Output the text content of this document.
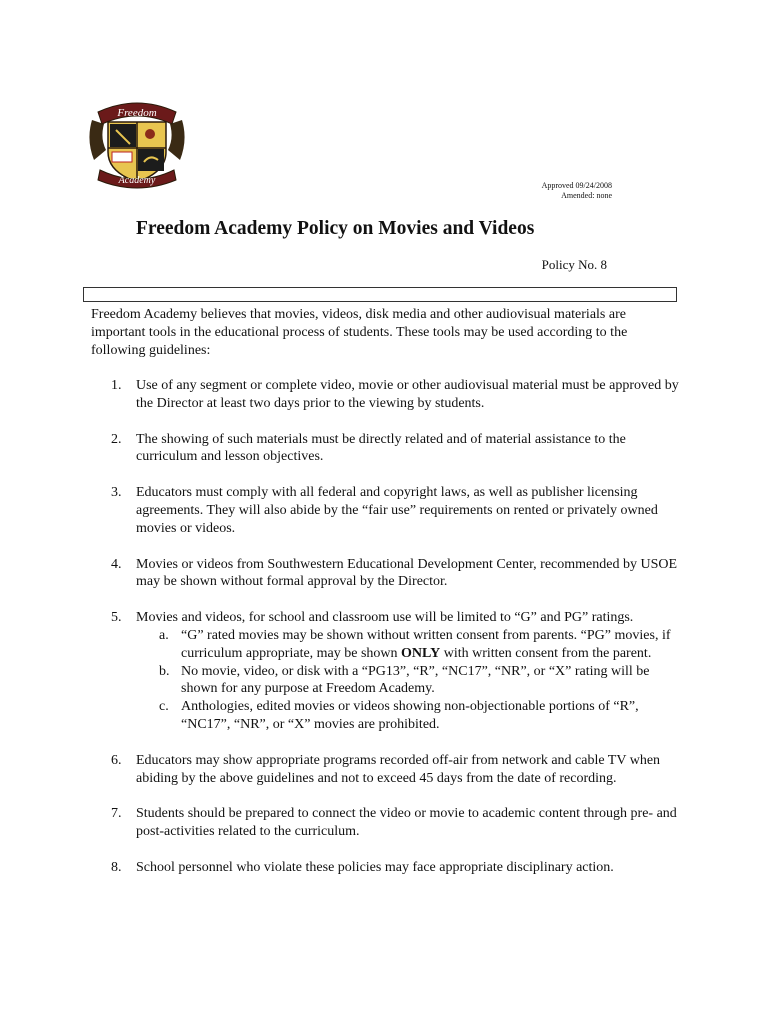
Freedom
Academy	Approved 09/24/2008
Amended: none
Freedom Academy Policy on Movies and Videos
Policy No. 8

Freedom Academy believes that movies, videos, disk media and other audiovisual materials are important tools in the educational process of students. These tools may be used according to the following guidelines:

1. Use of any segment or complete video, movie or other audiovisual material must be approved by the Director at least two days prior to the viewing by students.
2. The showing of such materials must be directly related and of material assistance to the curriculum and lesson objectives.
3. Educators must comply with all federal and copyright laws, as well as publisher licensing agreements. They will also abide by the “fair use” requirements on rented or privately owned movies or videos.
4. Movies or videos from Southwestern Educational Development Center, recommended by USOE may be shown without formal approval by the Director.
5. Movies and videos, for school and classroom use will be limited to “G” and PG” ratings.
a. “G” rated movies may be shown without written consent from parents. “PG” movies, if curriculum appropriate, may be shown ONLY with written consent from the parent.
b. No movie, video, or disk with a “PG13”, “R”, “NC17”, “NR”, or “X” rating will be shown for any purpose at Freedom Academy.
c. Anthologies, edited movies or videos showing non-objectionable portions of “R”, “NC17”, “NR”, or “X” movies are prohibited.
6. Educators may show appropriate programs recorded off-air from network and cable TV when abiding by the above guidelines and not to exceed 45 days from the date of recording.
7. Students should be prepared to connect the video or movie to academic content through pre- and post-activities related to the curriculum.
8. School personnel who violate these policies may face appropriate disciplinary action.
